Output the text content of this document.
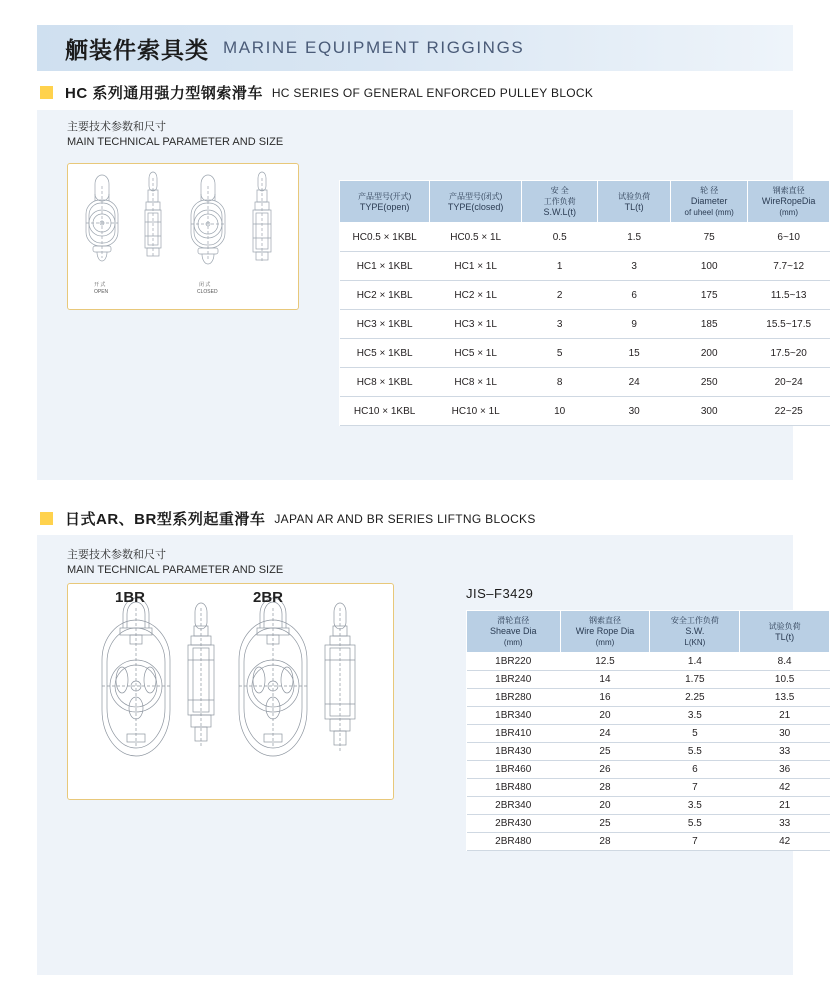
舾装件索具类 MARINE EQUIPMENT RIGGINGS
HC 系列通用强力型钢索滑车 HC SERIES OF GENERAL ENFORCED PULLEY BLOCK
主要技术参数和尺寸
MAIN TECHNICAL PARAMETER AND SIZE
开 式
OPEN
闭 式
CLOSED
产品型号(开式)
TYPE(open)	产品型号(闭式)
TYPE(closed)	安 全
工作负荷
S.W.L(t)	试验负荷
TL(t)	轮 径
Diameter
of uheel (mm)	钢索直径
WireRopeDia
(mm)

HC0.5 × 1KBL	HC0.5 × 1L	0.5	1.5	75	6~10
HC1 × 1KBL	HC1 × 1L	1	3	100	7.7~12
HC2 × 1KBL	HC2 × 1L	2	6	175	11.5~13
HC3 × 1KBL	HC3 × 1L	3	9	185	15.5~17.5
HC5 × 1KBL	HC5 × 1L	5	15	200	17.5~20
HC8 × 1KBL	HC8 × 1L	8	24	250	20~24
HC10 × 1KBL	HC10 × 1L	10	30	300	22~25
日式AR、BR型系列起重滑车 JAPAN AR AND BR SERIES LIFTNG BLOCKS
主要技术参数和尺寸
MAIN TECHNICAL PARAMETER AND SIZE
1BR	2BR	JIS–F3429
滑轮直径
Sheave Dia
(mm)	钢索直径
Wire Rope Dia
(mm)	安全工作负荷
S.W.
L(KN)	试验负荷
TL(t)

1BR220	12.5	1.4	8.4
1BR240	14	1.75	10.5
1BR280	16	2.25	13.5
1BR340	20	3.5	21
1BR410	24	5	30
1BR430	25	5.5	33
1BR460	26	6	36
1BR480	28	7	42
2BR340	20	3.5	21
2BR430	25	5.5	33
2BR480	28	7	42
